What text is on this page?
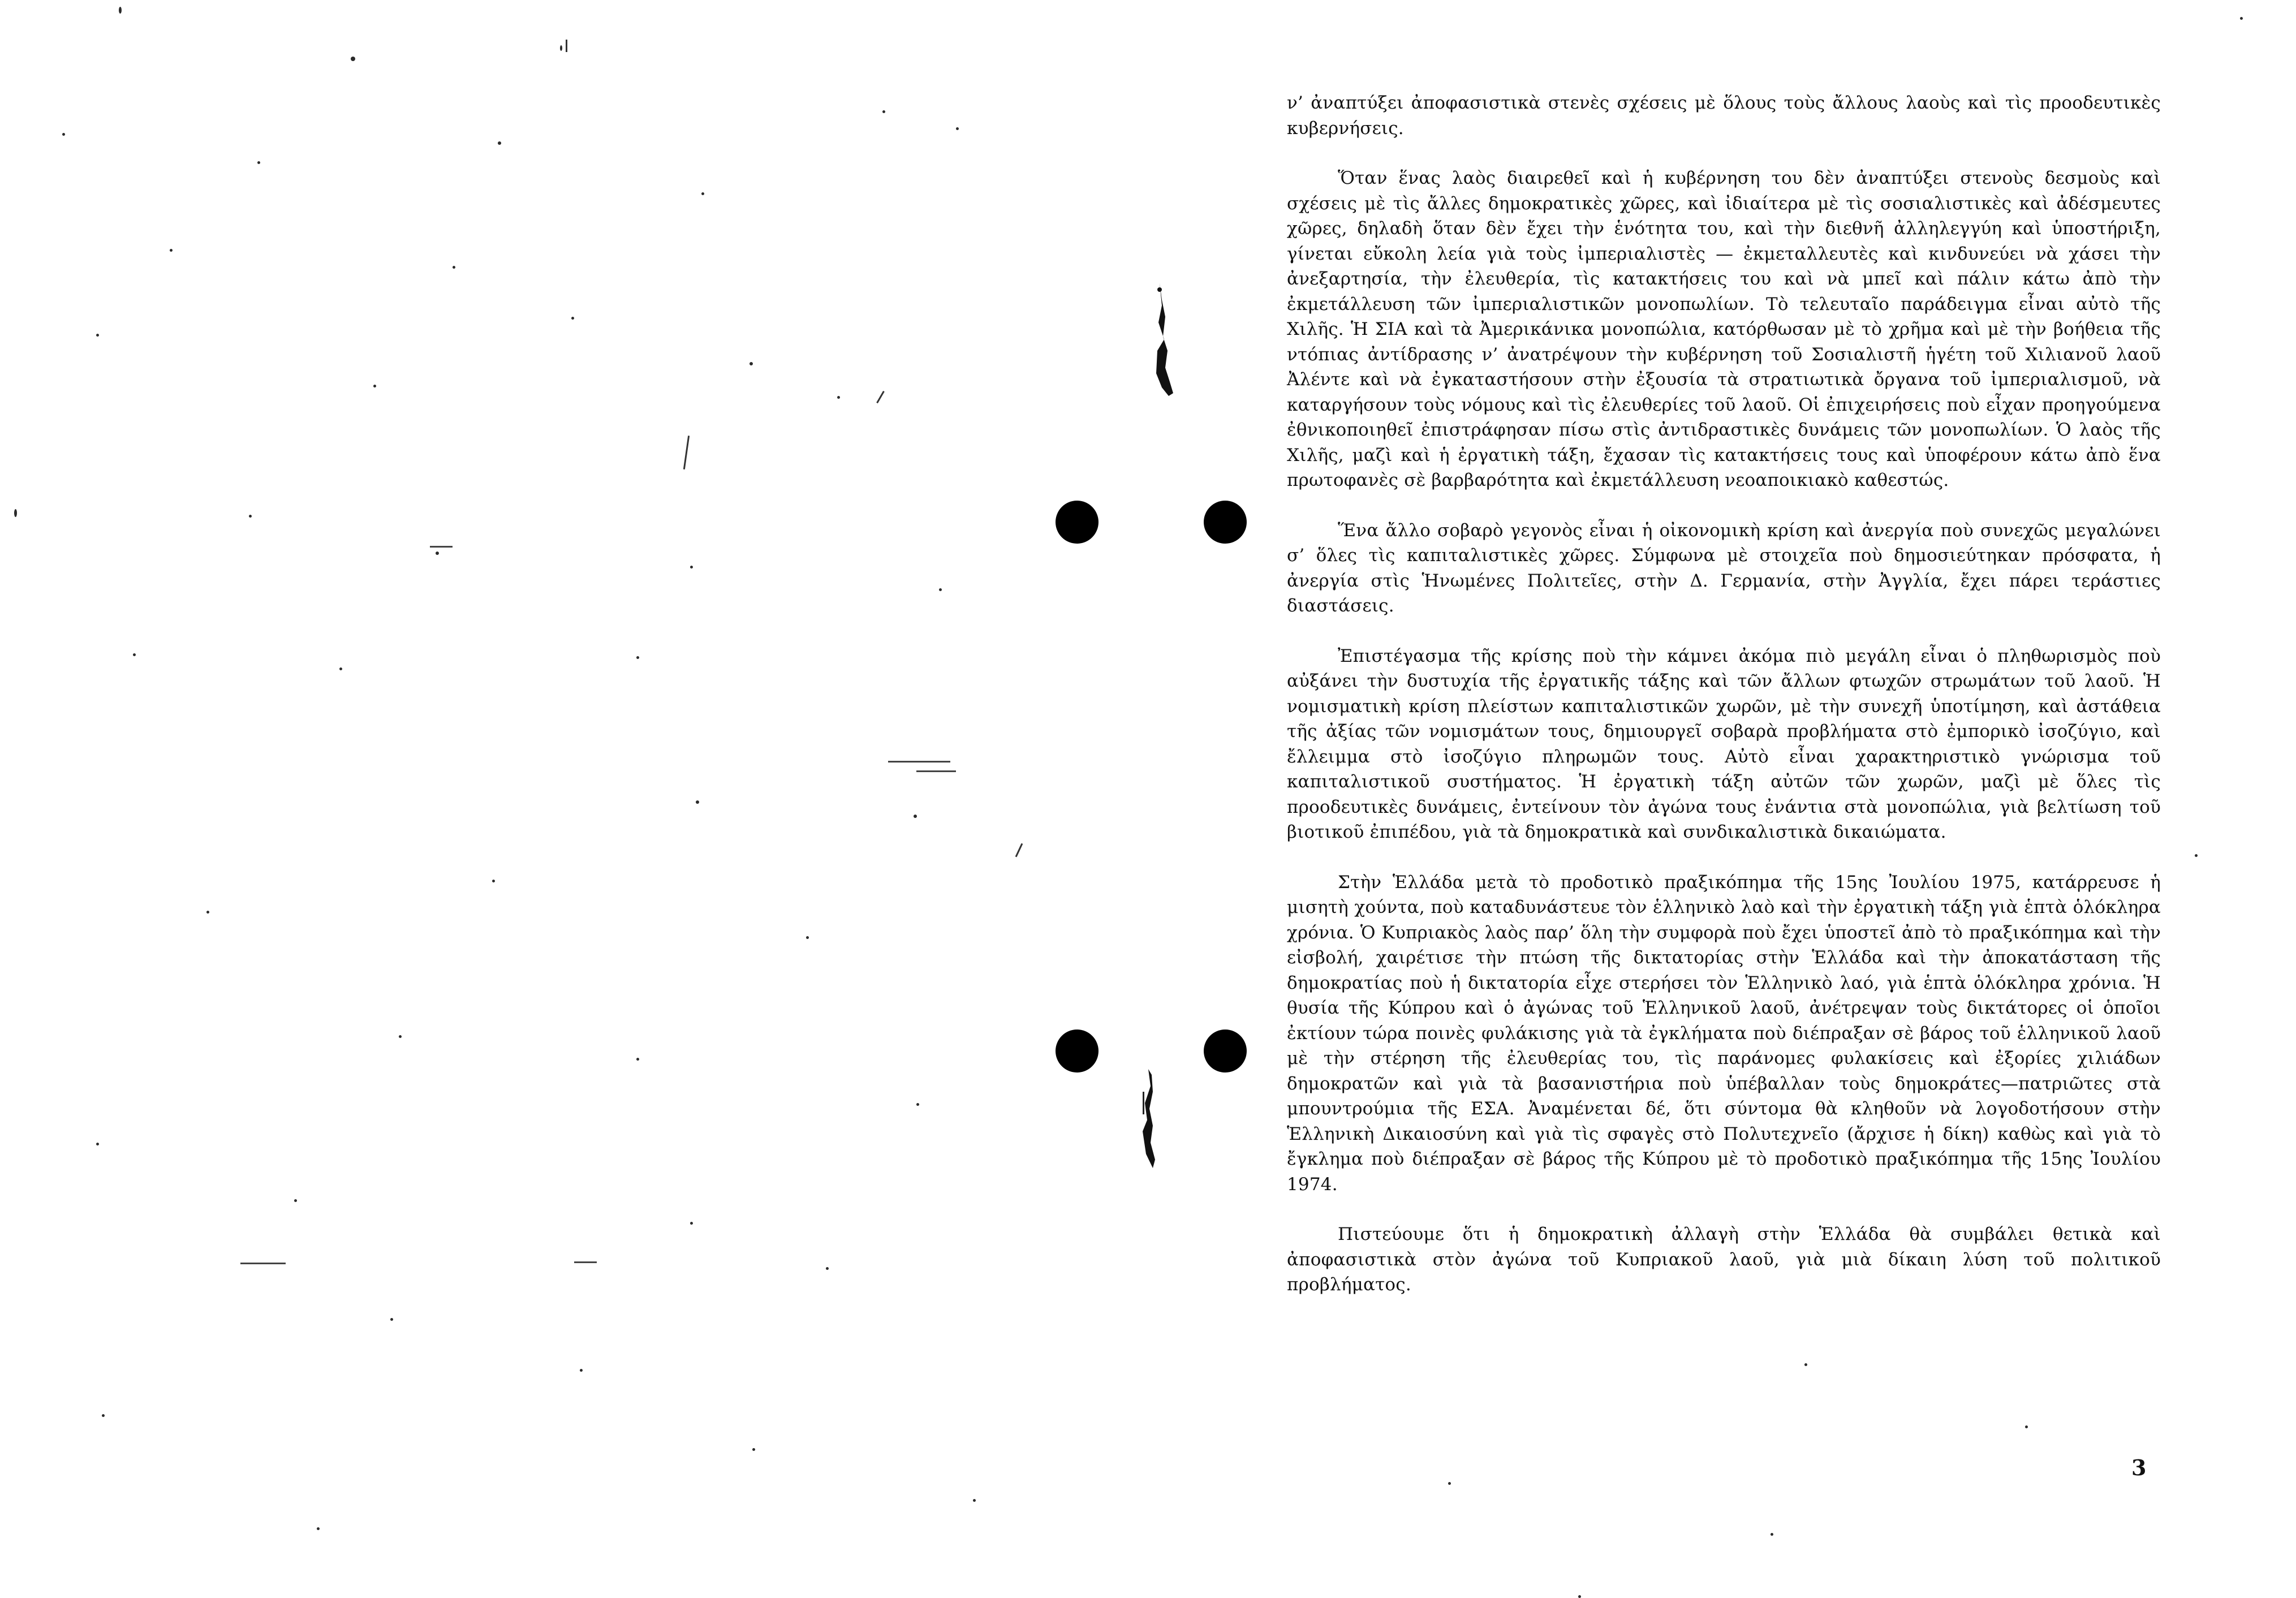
ν’ ἀναπτύξει ἀποφασιστικὰ στενὲς σχέσεις μὲ ὅλους τοὺς ἄλλους λαοὺς καὶ τὶς προοδευτικὲς κυβερνήσεις.

Ὅταν ἕνας λαὸς διαιρεθεῖ καὶ ἡ κυβέρνηση του δὲν ἀναπτύξει στενοὺς δεσμοὺς καὶ σχέσεις μὲ τὶς ἄλλες δημοκρατικὲς χῶρες, καὶ ἰδιαίτερα μὲ τὶς σοσιαλιστικὲς καὶ ἀδέσμευτες χῶρες, δηλαδὴ ὅταν δὲν ἔχει τὴν ἑνότητα του, καὶ τὴν διεθνῆ ἀλληλεγγύη καὶ ὑποστήριξη, γίνεται εὔκολη λεία γιὰ τοὺς ἰμπεριαλιστὲς — ἐκμεταλλευτὲς καὶ κινδυνεύει νὰ χάσει τὴν ἀνεξαρτησία, τὴν ἐλευθερία, τὶς κατακτήσεις του καὶ νὰ μπεῖ καὶ πάλιν κάτω ἀπὸ τὴν ἐκμετάλλευση τῶν ἰμπεριαλιστικῶν μονοπωλίων. Τὸ τελευταῖο παράδειγμα εἶναι αὐτὸ τῆς Χιλῆς. Ἡ ΣΙΑ καὶ τὰ Ἀμερικάνικα μονοπώλια, κατόρθωσαν μὲ τὸ χρῆμα καὶ μὲ τὴν βοήθεια τῆς ντόπιας ἀντίδρασης ν’ ἀνατρέψουν τὴν κυβέρνηση τοῦ Σοσιαλιστῆ ἡγέτη τοῦ Χιλιανοῦ λαοῦ Ἀλέντε καὶ νὰ ἐγκαταστήσουν στὴν ἐξουσία τὰ στρατιωτικὰ ὄργανα τοῦ ἰμπεριαλισμοῦ, νὰ καταργήσουν τοὺς νόμους καὶ τὶς ἐλευθερίες τοῦ λαοῦ. Οἱ ἐπιχειρήσεις ποὺ εἶχαν προηγούμενα ἐθνικοποιηθεῖ ἐπιστράφησαν πίσω στὶς ἀντιδραστικὲς δυνάμεις τῶν μονοπωλίων. Ὁ λαὸς τῆς Χιλῆς, μαζὶ καὶ ἡ ἐργατικὴ τάξη, ἔχασαν τὶς κατακτήσεις τους καὶ ὑποφέρουν κάτω ἀπὸ ἕνα πρωτοφανὲς σὲ βαρβαρότητα καὶ ἐκμετάλλευση νεοαποικιακὸ καθεστώς.

Ἕνα ἄλλο σοβαρὸ γεγονὸς εἶναι ἡ οἰκονομικὴ κρίση καὶ ἀνεργία ποὺ συνεχῶς μεγαλώνει σ’ ὅλες τὶς καπιταλιστικὲς χῶρες. Σύμφωνα μὲ στοιχεῖα ποὺ δημοσιεύτηκαν πρόσφατα, ἡ ἀνεργία στὶς Ἡνωμένες Πολιτεῖες, στὴν Δ. Γερμανία, στὴν Ἀγγλία, ἔχει πάρει τεράστιες διαστάσεις.

Ἐπιστέγασμα τῆς κρίσης ποὺ τὴν κάμνει ἀκόμα πιὸ μεγάλη εἶναι ὁ πληθωρισμὸς ποὺ αὐξάνει τὴν δυστυχία τῆς ἐργατικῆς τάξης καὶ τῶν ἄλλων φτωχῶν στρωμάτων τοῦ λαοῦ. Ἡ νομισματικὴ κρίση πλείστων καπιταλιστικῶν χωρῶν, μὲ τὴν συνεχῆ ὑποτίμηση, καὶ ἀστάθεια τῆς ἀξίας τῶν νομισμάτων τους, δημιουργεῖ σοβαρὰ προβλήματα στὸ ἐμπορικὸ ἰσοζύγιο, καὶ ἔλλειμμα στὸ ἰσοζύγιο πληρωμῶν τους. Αὐτὸ εἶναι χαρακτηριστικὸ γνώρισμα τοῦ καπιταλιστικοῦ συστήματος. Ἡ ἐργατικὴ τάξη αὐτῶν τῶν χωρῶν, μαζὶ μὲ ὅλες τὶς προοδευτικὲς δυνάμεις, ἐντείνουν τὸν ἀγώνα τους ἐνάντια στὰ μονοπώλια, γιὰ βελτίωση τοῦ βιοτικοῦ ἐπιπέδου, γιὰ τὰ δημοκρατικὰ καὶ συνδικαλιστικὰ δικαιώματα.

Στὴν Ἑλλάδα μετὰ τὸ προδοτικὸ πραξικόπημα τῆς 15ης Ἰουλίου 1975, κατάρρευσε ἡ μισητὴ χούντα, ποὺ καταδυνάστευε τὸν ἑλληνικὸ λαὸ καὶ τὴν ἐργατικὴ τάξη γιὰ ἑπτὰ ὁλόκληρα χρόνια. Ὁ Κυπριακὸς λαὸς παρ’ ὅλη τὴν συμφορὰ ποὺ ἔχει ὑποστεῖ ἀπὸ τὸ πραξικόπημα καὶ τὴν εἰσβολή, χαιρέτισε τὴν πτώση τῆς δικτατορίας στὴν Ἑλλάδα καὶ τὴν ἀποκατάσταση τῆς δημοκρατίας ποὺ ἡ δικτατορία εἶχε στερήσει τὸν Ἑλληνικὸ λαό, γιὰ ἑπτὰ ὁλόκληρα χρόνια. Ἡ θυσία τῆς Κύπρου καὶ ὁ ἀγώνας τοῦ Ἑλληνικοῦ λαοῦ, ἀνέτρεψαν τοὺς δικτάτορες οἱ ὁποῖοι ἐκτίουν τώρα ποινὲς φυλάκισης γιὰ τὰ ἐγκλήματα ποὺ διέπραξαν σὲ βάρος τοῦ ἑλληνικοῦ λαοῦ μὲ τὴν στέρηση τῆς ἐλευθερίας του, τὶς παράνομες φυλακίσεις καὶ ἐξορίες χιλιάδων δημοκρατῶν καὶ γιὰ τὰ βασανιστήρια ποὺ ὑπέβαλλαν τοὺς δημοκράτες—πατριῶτες στὰ μπουντρούμια τῆς ΕΣΑ. Ἀναμένεται δέ, ὅτι σύντομα θὰ κληθοῦν νὰ λογοδοτήσουν στὴν Ἑλληνικὴ Δικαιοσύνη καὶ γιὰ τὶς σφαγὲς στὸ Πολυτεχνεῖο (ἄρχισε ἡ δίκη) καθὼς καὶ γιὰ τὸ ἔγκλημα ποὺ διέπραξαν σὲ βάρος τῆς Κύπρου μὲ τὸ προδοτικὸ πραξικόπημα τῆς 15ης Ἰουλίου 1974.

Πιστεύουμε ὅτι ἡ δημοκρατικὴ ἀλλαγὴ στὴν Ἑλλάδα θὰ συμβάλει θετικὰ καὶ ἀποφασιστικὰ στὸν ἀγώνα τοῦ Κυπριακοῦ λαοῦ, γιὰ μιὰ δίκαιη λύση τοῦ πολιτικοῦ προβλήματος.

3
